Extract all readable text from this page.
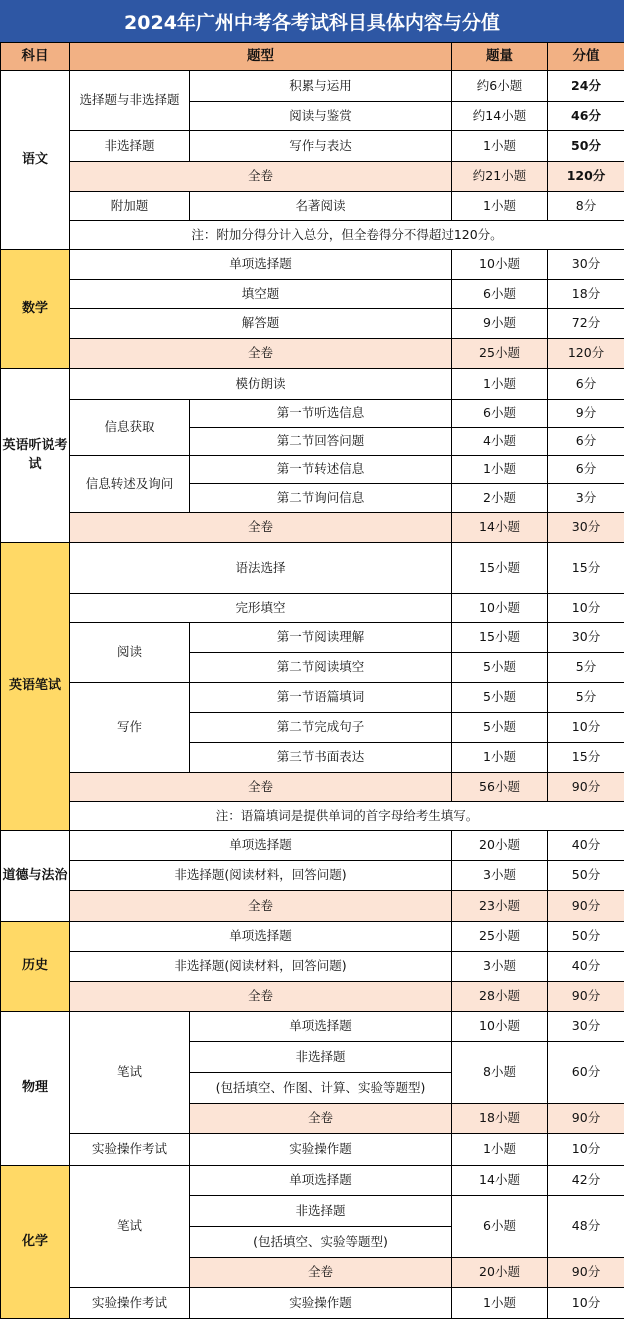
2024年广州中考各考试科目具体内容与分值
科目	题型		题量	分值
语文	选择题与非选择题	积累与运用	约6小题	24分
		阅读与鉴赏	约14小题	46分
	非选择题	写作与表达	1小题	50分
	全卷		约21小题	120分
	附加题	名著阅读	1小题	8分
	注：附加分得分计入总分，但全卷得分不得超过120分。			
数学	单项选择题		10小题	30分
	填空题		6小题	18分
	解答题		9小题	72分
	全卷		25小题	120分
英语听说考试	模仿朗读		1小题	6分
	信息获取	第一节听选信息	6小题	9分
		第二节回答问题	4小题	6分
	信息转述及询问	第一节转述信息	1小题	6分
		第二节询问信息	2小题	3分
	全卷		14小题	30分
英语笔试	语法选择		15小题	15分
	完形填空		10小题	10分
	阅读	第一节阅读理解	15小题	30分
		第二节阅读填空	5小题	5分
	写作	第一节语篇填词	5小题	5分
		第二节完成句子	5小题	10分
		第三节书面表达	1小题	15分
	全卷		56小题	90分
	注：语篇填词是提供单词的首字母给考生填写。			
道德与法治	单项选择题		20小题	40分
	非选择题(阅读材料，回答问题)		3小题	50分
	全卷		23小题	90分
历史	单项选择题		25小题	50分
	非选择题(阅读材料，回答问题)		3小题	40分
	全卷		28小题	90分
物理	笔试	单项选择题	10小题	30分
		非选择题	8小题	60分
		(包括填空、作图、计算、实验等题型)		
		全卷	18小题	90分
	实验操作考试	实验操作题	1小题	10分

化学	笔试	单项选择题	14小题	42分
		非选择题	6小题	48分
		(包括填空、实验等题型)		
		全卷	20小题	90分
	实验操作考试	实验操作题	1小题	10分
